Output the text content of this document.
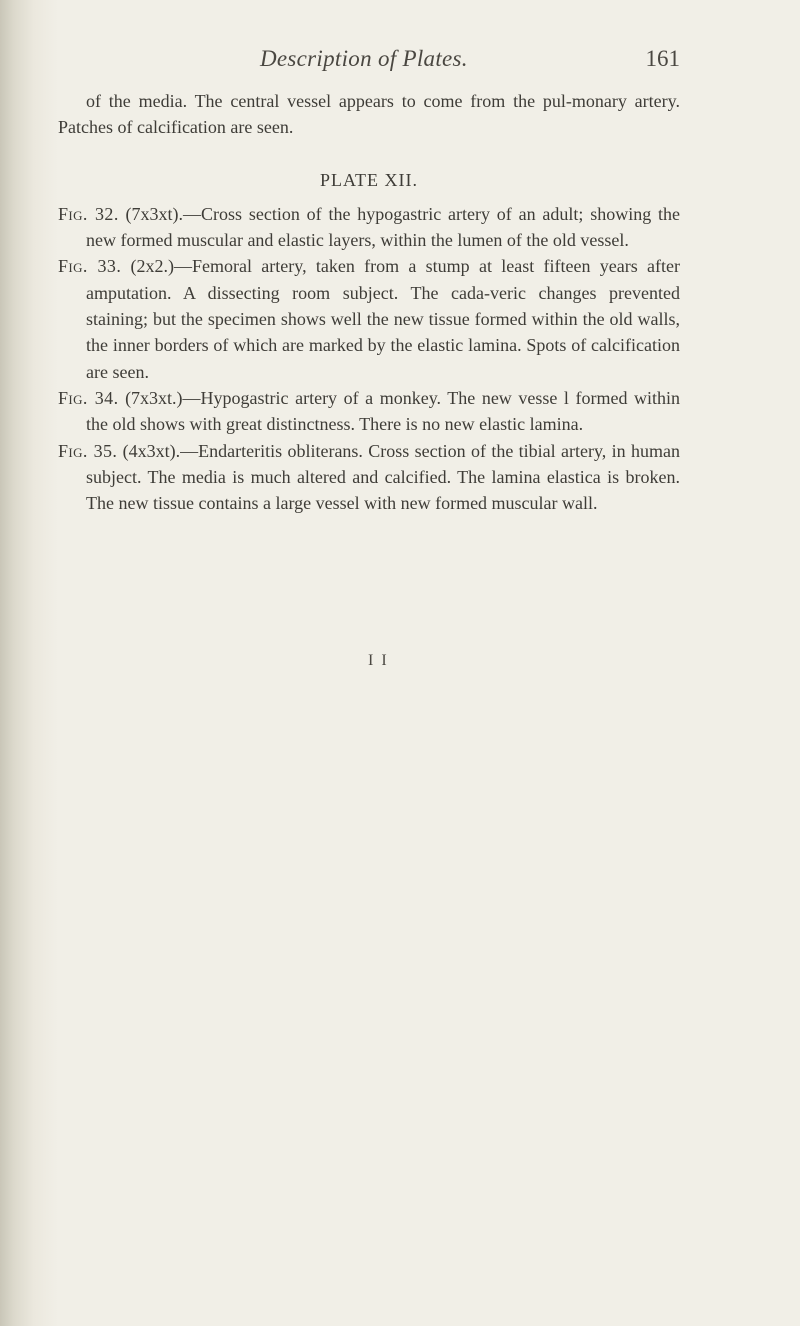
Description of Plates.	161

of the media. The central vessel appears to come from the pul-monary artery. Patches of calcification are seen.

PLATE XII.

Fig. 32. (7x3xt).—Cross section of the hypogastric artery of an adult; showing the new formed muscular and elastic layers, within the lumen of the old vessel.

Fig. 33. (2x2.)—Femoral artery, taken from a stump at least fifteen years after amputation. A dissecting room subject. The cada-veric changes prevented staining; but the specimen shows well the new tissue formed within the old walls, the inner borders of which are marked by the elastic lamina. Spots of calcification are seen.

Fig. 34. (7x3xt.)—Hypogastric artery of a monkey. The new vesse l formed within the old shows with great distinctness. There is no new elastic lamina.

Fig. 35. (4x3xt).—Endarteritis obliterans. Cross section of the tibial artery, in human subject. The media is much altered and calcified. The lamina elastica is broken. The new tissue contains a large vessel with new formed muscular wall.

I I
